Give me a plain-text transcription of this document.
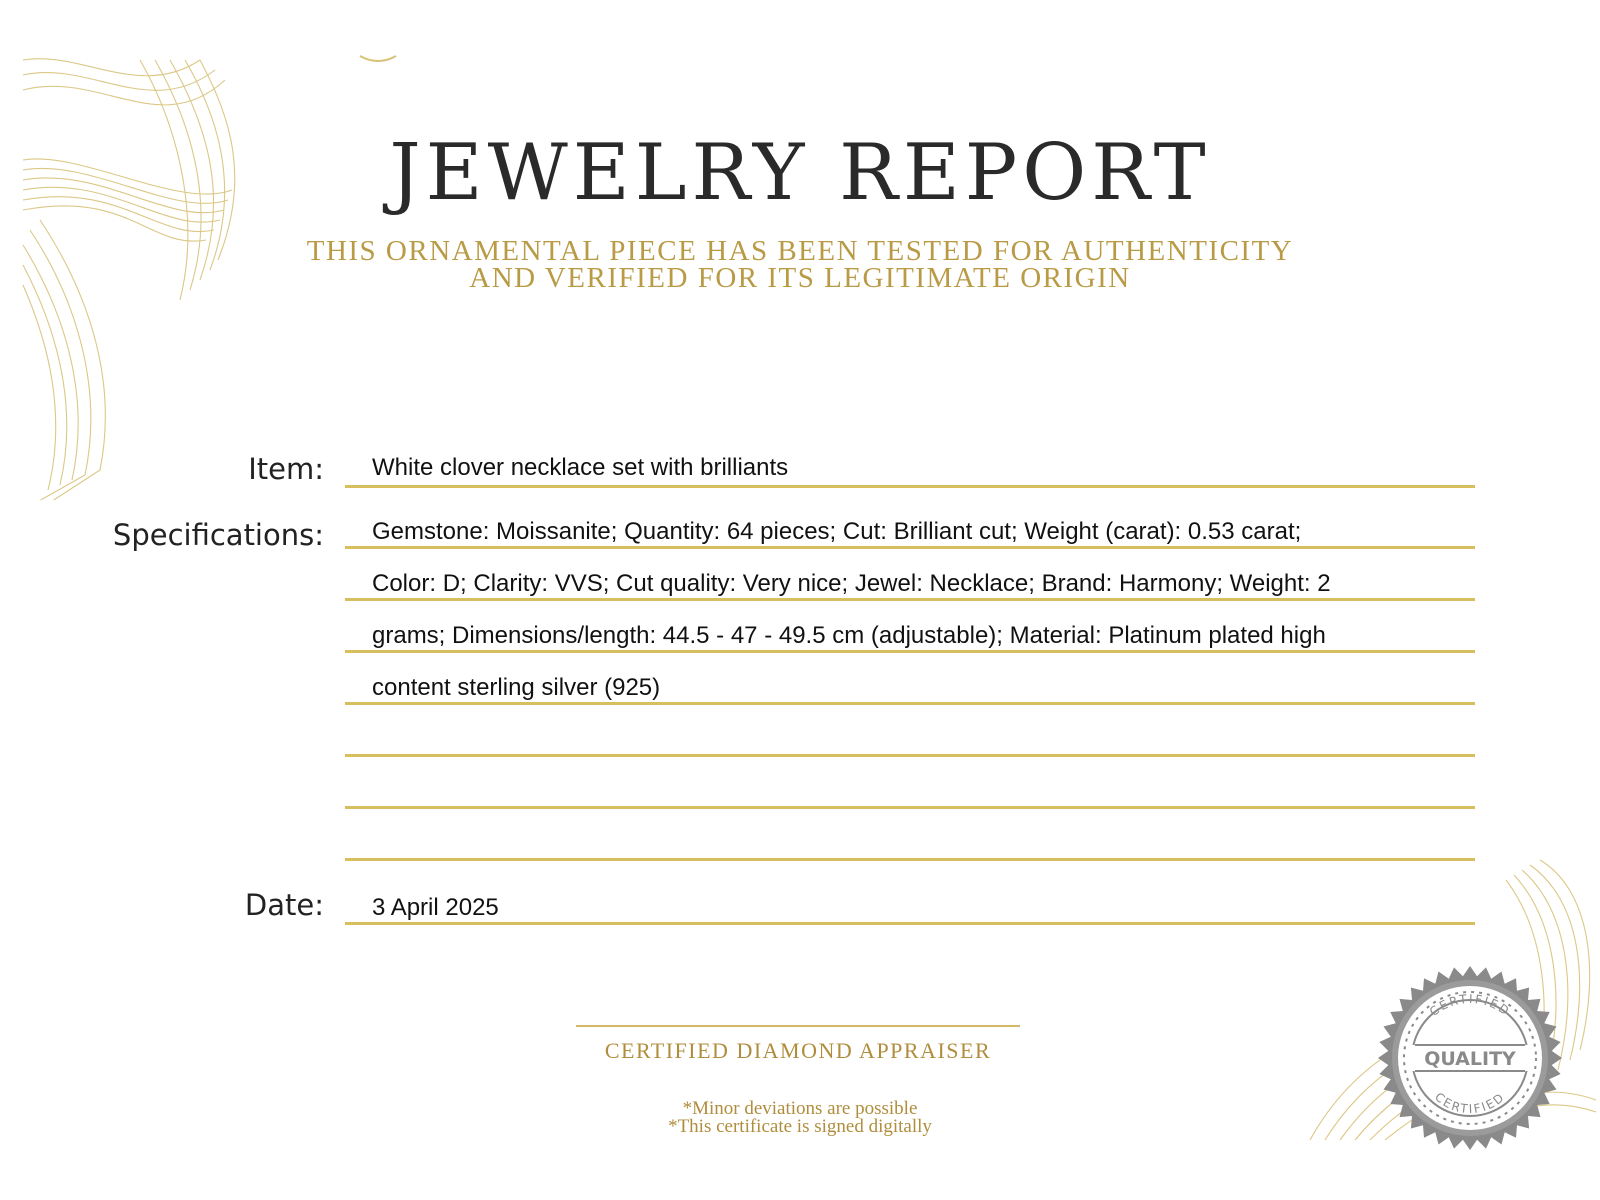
JEWELRY REPORT
THIS ORNAMENTAL PIECE HAS BEEN TESTED FOR AUTHENTICITY
AND VERIFIED FOR ITS LEGITIMATE ORIGIN
Item: White clover necklace set with brilliants
Specifications: Gemstone: Moissanite; Quantity: 64 pieces; Cut: Brilliant cut; Weight (carat): 0.53 carat;
Color: D; Clarity: VVS; Cut quality: Very nice; Jewel: Necklace; Brand: Harmony; Weight: 2
grams; Dimensions/length: 44.5 - 47 - 49.5 cm (adjustable); Material: Platinum plated high
content sterling silver (925)
Date: 3 April 2025
CERTIFIED DIAMOND APPRAISER
*Minor deviations are possible
*This certificate is signed digitally
CERTIFIED
CERTIFIED
QUALITY
